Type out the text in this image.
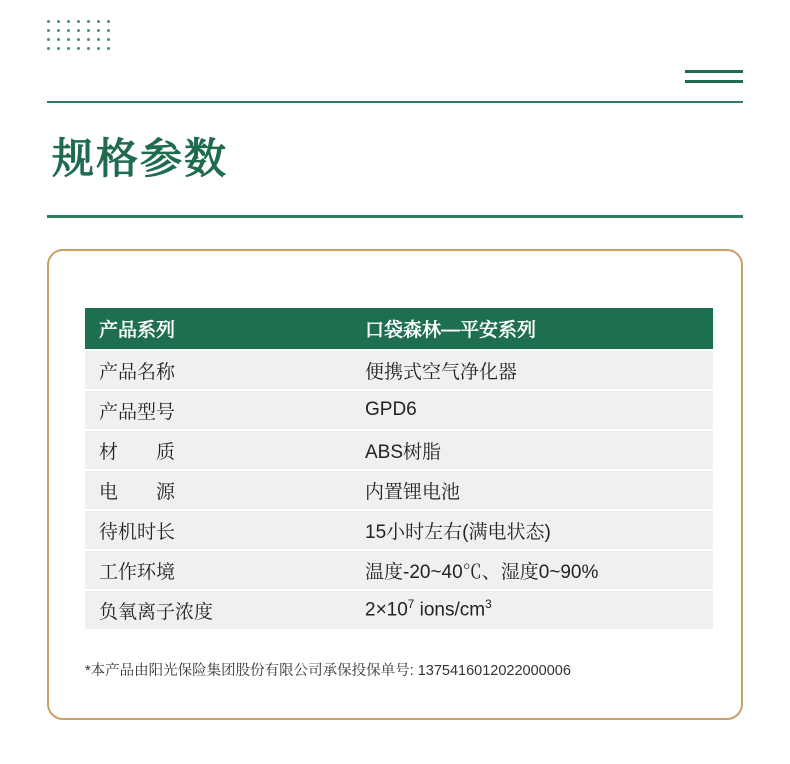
规格参数
产品系列	口袋森林—平安系列
产品名称	便携式空气净化器
产品型号	GPD6
材　　质	ABS树脂
电　　源	内置锂电池
待机时长	15小时左右(满电状态)
工作环境	温度-20~40℃、湿度0~90%
负氧离子浓度	$2\times 10^7$ ions/$cm^3$
*本产品由阳光保险集团股份有限公司承保投保单号: 1375416012022000006
